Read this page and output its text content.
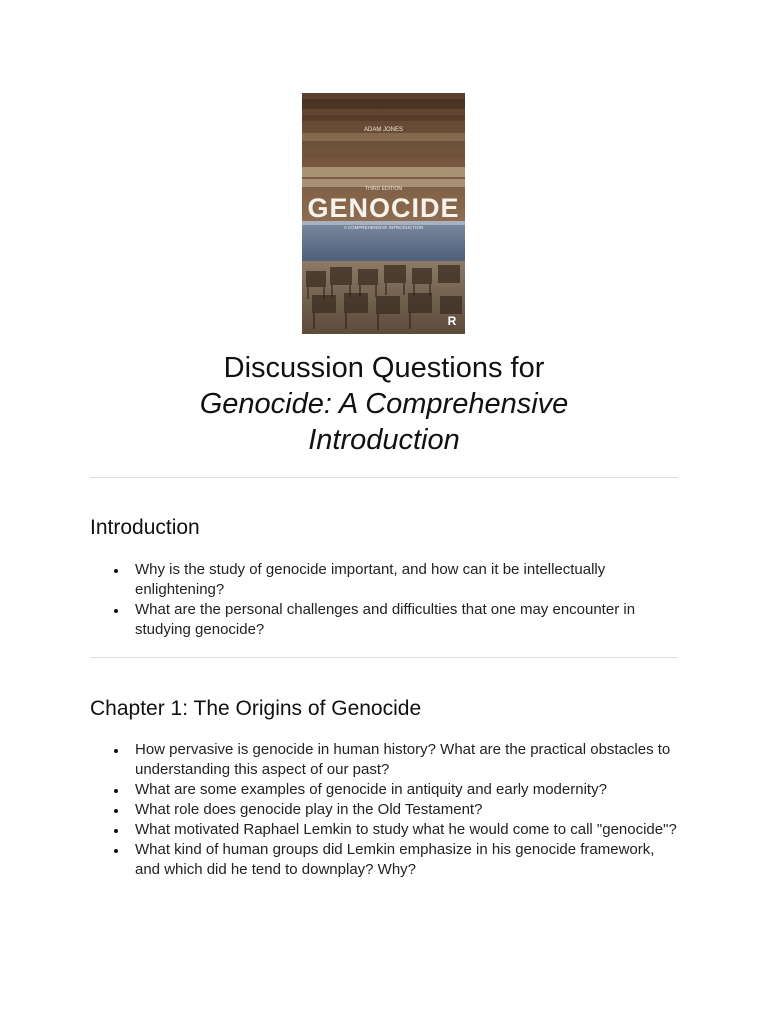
ADAM JONES
THIRD EDITION
GENOCIDE
A COMPREHENSIVE INTRODUCTION
R
Discussion Questions for
Genocide: A Comprehensive
Introduction
Introduction
Why is the study of genocide important, and how can it be intellectually enlightening?
What are the personal challenges and difficulties that one may encounter in studying genocide?
Chapter 1: The Origins of Genocide
How pervasive is genocide in human history? What are the practical obstacles to understanding this aspect of our past?
What are some examples of genocide in antiquity and early modernity?
What role does genocide play in the Old Testament?
What motivated Raphael Lemkin to study what he would come to call "genocide"?
What kind of human groups did Lemkin emphasize in his genocide framework, and which did he tend to downplay? Why?
